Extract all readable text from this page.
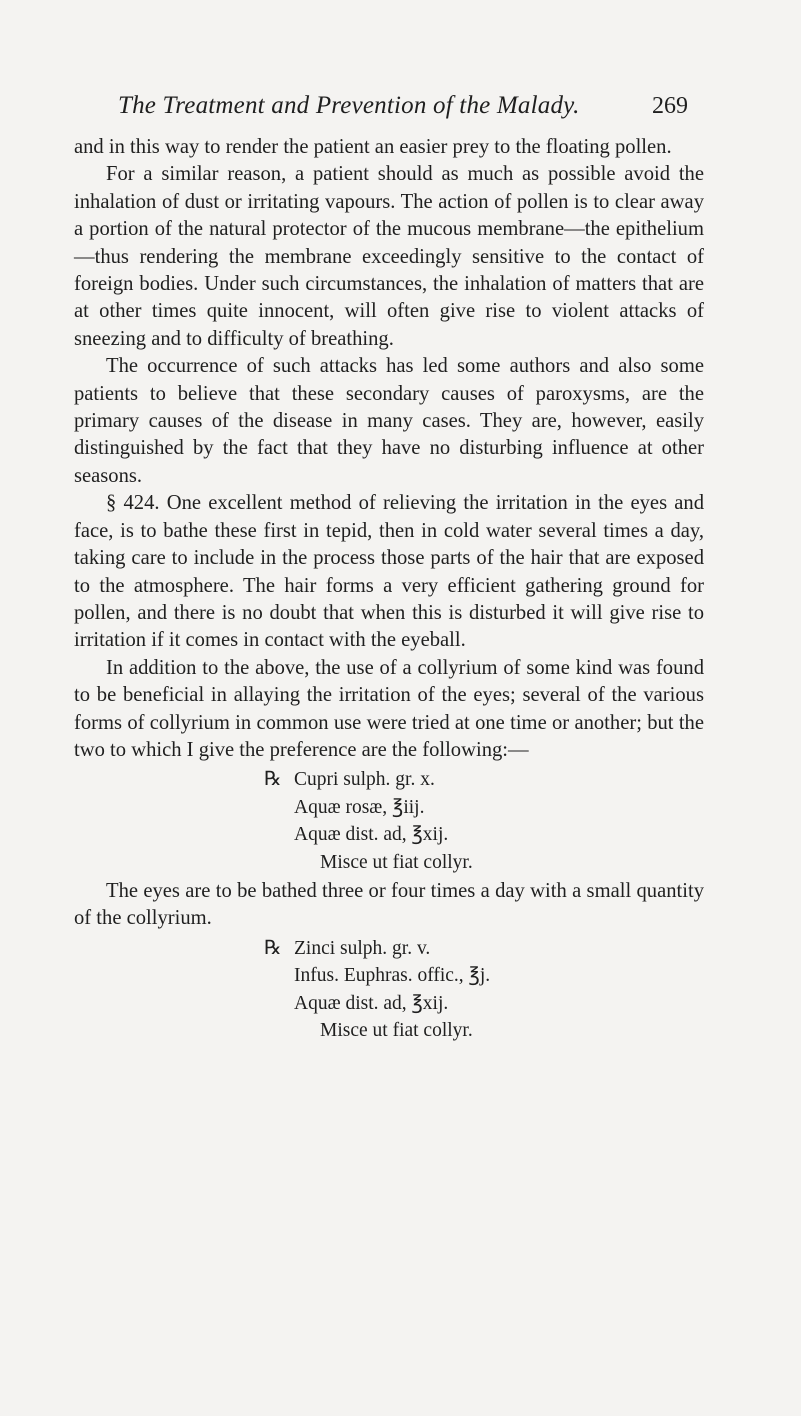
The Treatment and Prevention of the Malady.	269

and in this way to render the patient an easier prey to the floating pollen.

For a similar reason, a patient should as much as possible avoid the inhalation of dust or irritating vapours. The action of pollen is to clear away a portion of the natural protector of the mucous membrane—the epithelium—thus rendering the membrane exceedingly sensitive to the contact of foreign bodies. Under such circumstances, the inhalation of matters that are at other times quite innocent, will often give rise to violent attacks of sneezing and to difficulty of breathing.

The occurrence of such attacks has led some authors and also some patients to believe that these secondary causes of paroxysms, are the primary causes of the disease in many cases. They are, however, easily distinguished by the fact that they have no disturbing influence at other seasons.

§ 424. One excellent method of relieving the irritation in the eyes and face, is to bathe these first in tepid, then in cold water several times a day, taking care to include in the process those parts of the hair that are exposed to the atmosphere. The hair forms a very efficient gathering ground for pollen, and there is no doubt that when this is disturbed it will give rise to irritation if it comes in contact with the eyeball.

In addition to the above, the use of a collyrium of some kind was found to be beneficial in allaying the irritation of the eyes; several of the various forms of collyrium in common use were tried at one time or another; but the two to which I give the preference are the following:—

℞ Cupri sulph. gr. x.
Aquæ rosæ, ℥iij.
Aquæ dist. ad, ℥xij.
Misce ut fiat collyr.

The eyes are to be bathed three or four times a day with a small quantity of the collyrium.

℞ Zinci sulph. gr. v.
Infus. Euphras. offic., ℥j.
Aquæ dist. ad, ℥xij.
Misce ut fiat collyr.
